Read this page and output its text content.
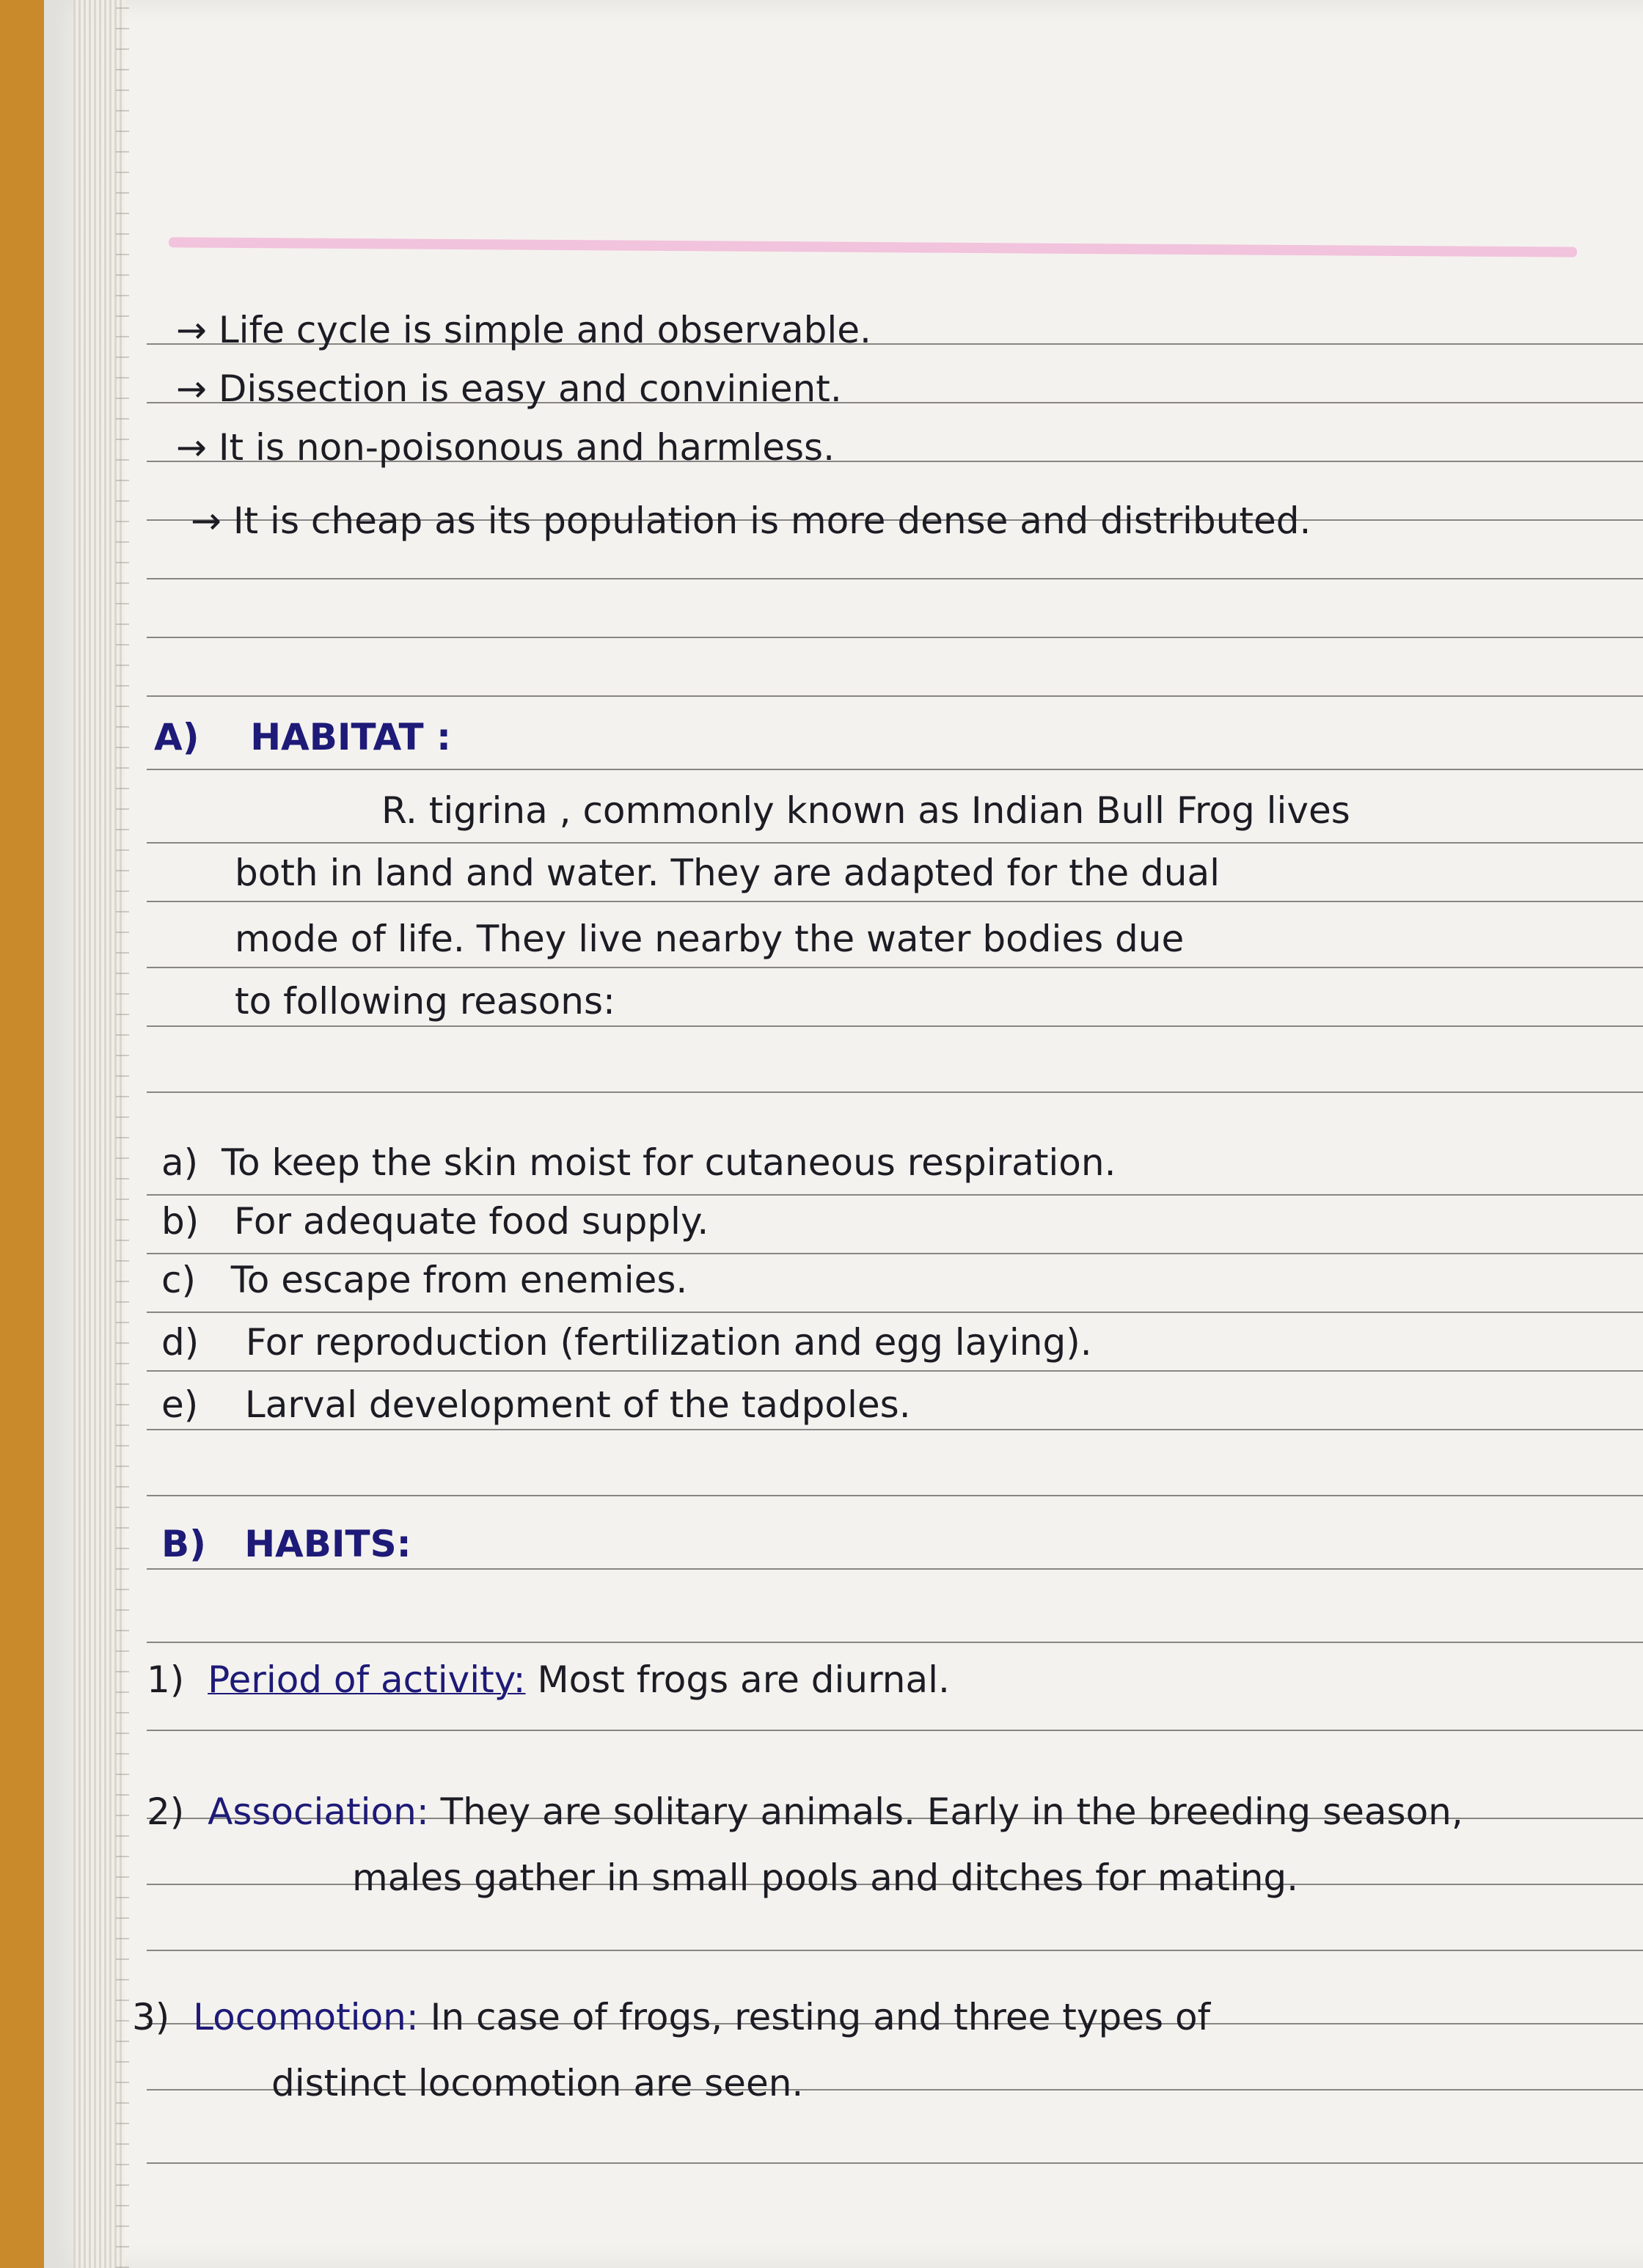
→ Life cycle is simple and observable.
→ Dissection is easy and convinient.
→ It is non-poisonous and harmless.
→ It is cheap as its population is more dense and distributed.
A) HABITAT :
R. tigrina , commonly known as Indian Bull Frog lives
both in land and water. They are adapted for the dual
mode of life. They live nearby the water bodies due
to following reasons:
a) To keep the skin moist for cutaneous respiration.
b) For adequate food supply.
c) To escape from enemies.
d) For reproduction (fertilization and egg laying).
e) Larval development of the tadpoles.
B) HABITS:
1) Period of activity: Most frogs are diurnal.
2) Association: They are solitary animals. Early in the breeding season,
males gather in small pools and ditches for mating.
3) Locomotion: In case of frogs, resting and three types of
distinct locomotion are seen.
